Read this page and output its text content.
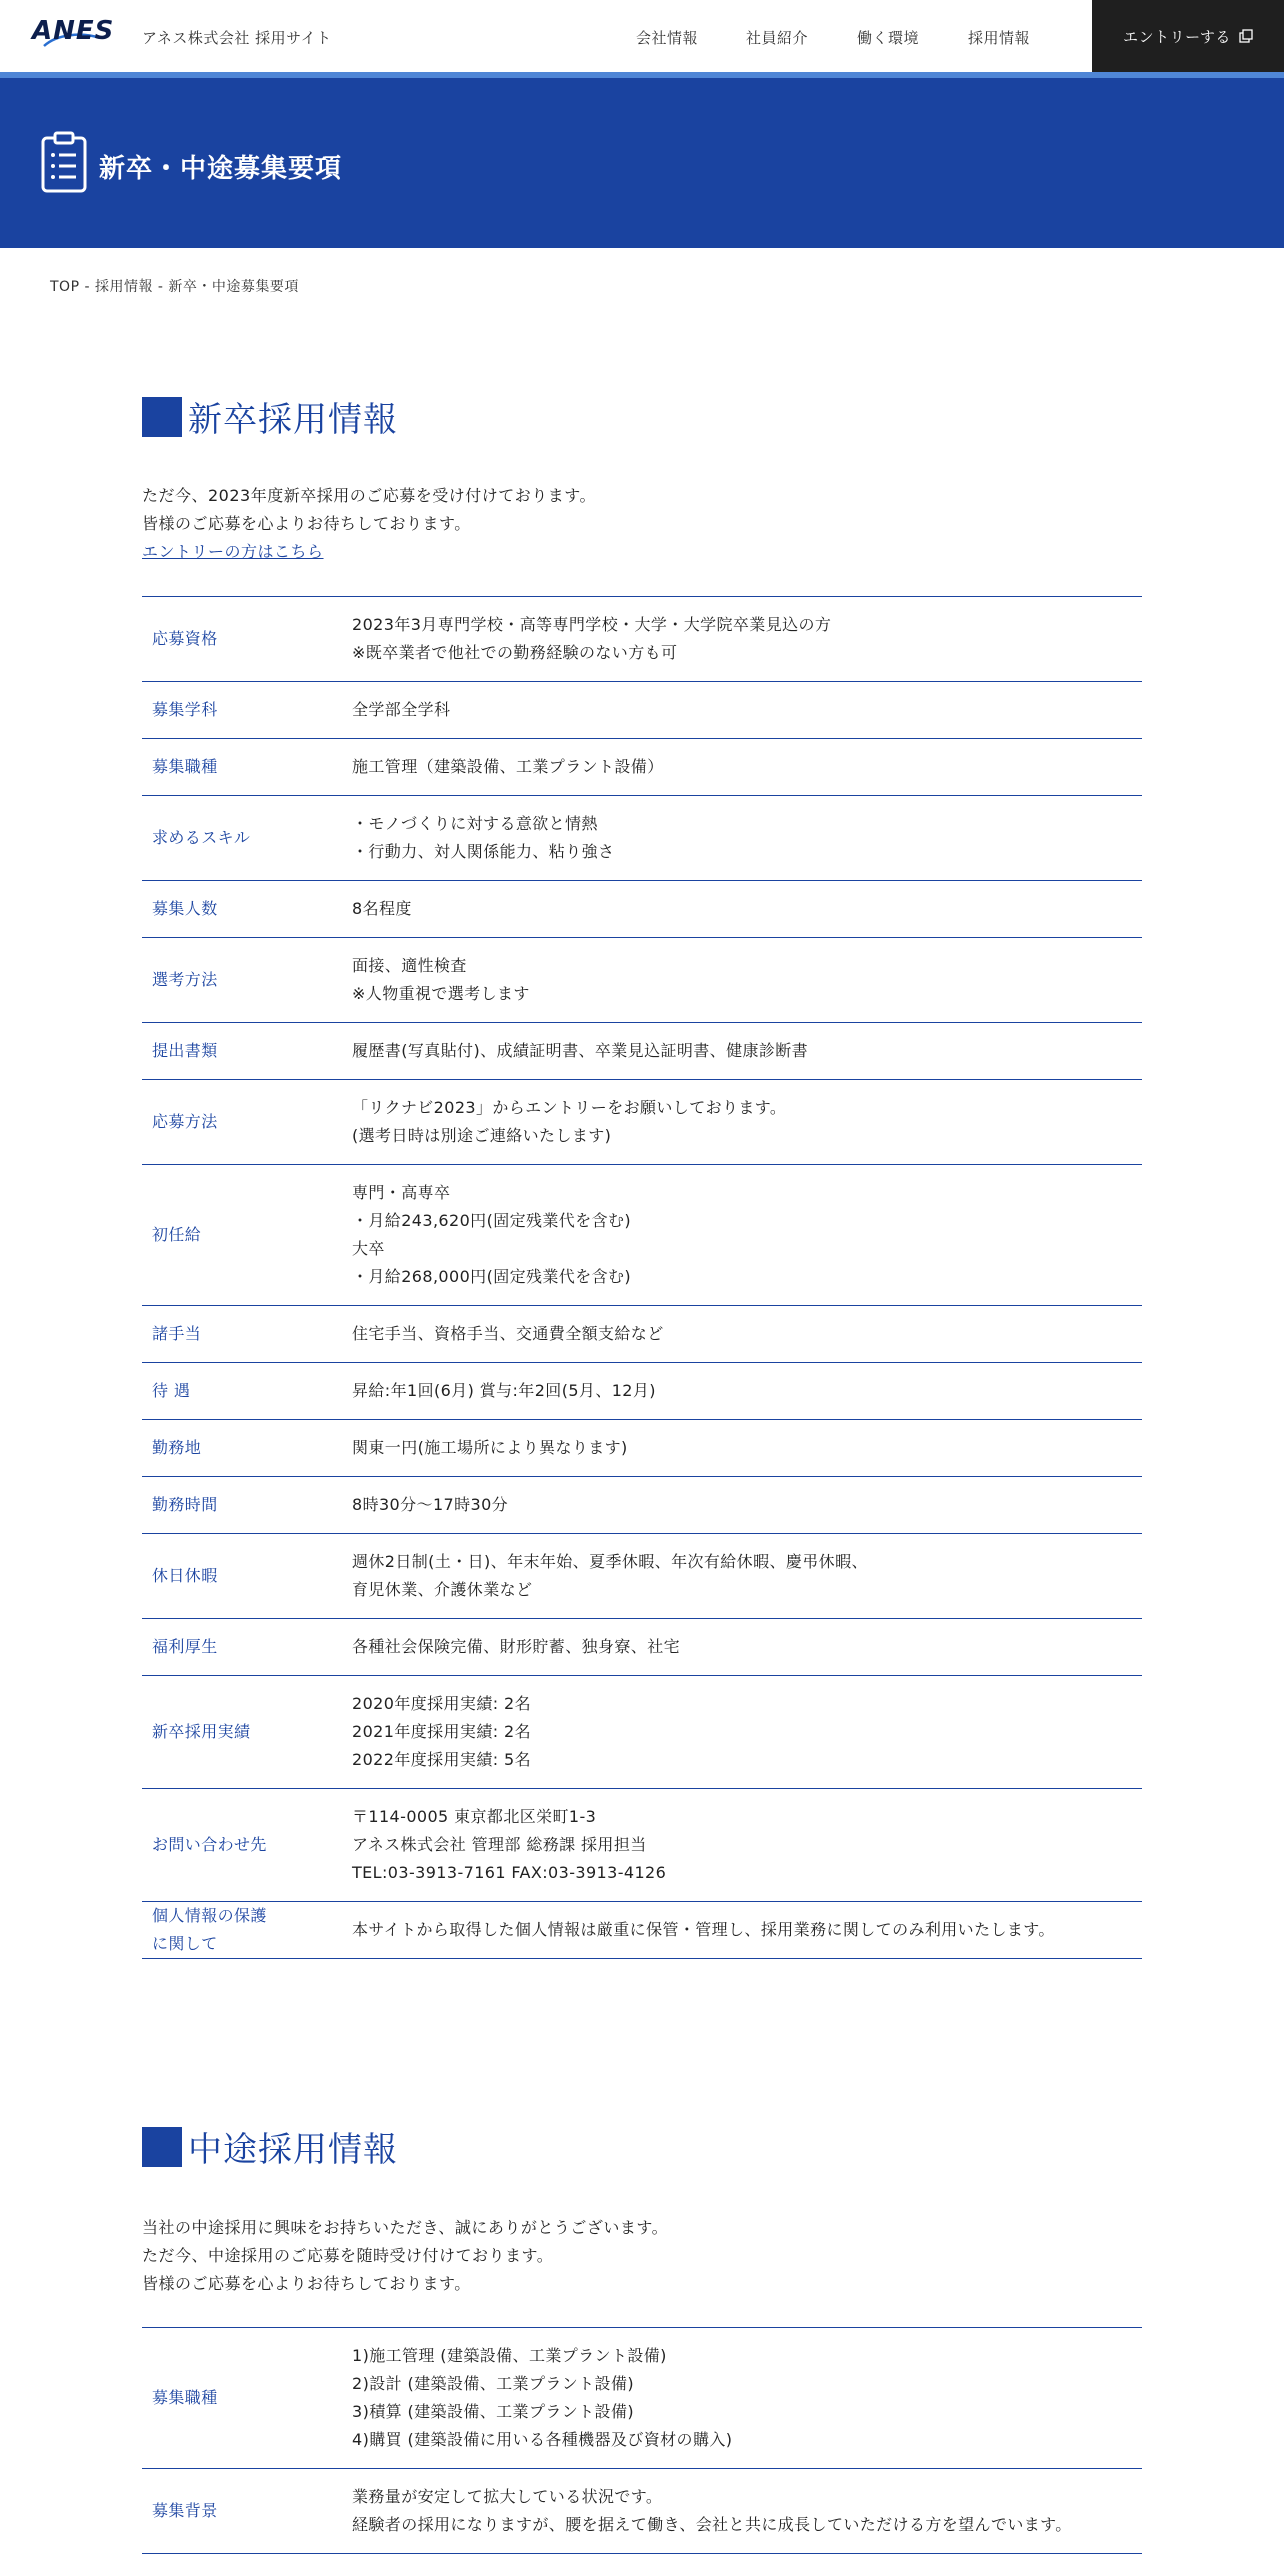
ANES アネス株式会社 採用サイト	会社情報	社員紹介	働く環境	採用情報	エントリーする
新卒・中途募集要項
TOP - 採用情報 - 新卒・中途募集要項
新卒採用情報
ただ今、2023年度新卒採用のご応募を受け付けております。
皆様のご応募を心よりお待ちしております。
エントリーの方はこちら
応募資格	2023年3月専門学校・高等専門学校・大学・大学院卒業見込の方
※既卒業者で他社での勤務経験のない方も可

募集学科	全学部全学科

募集職種	施工管理（建築設備、工業プラント設備）

求めるスキル	・モノづくりに対する意欲と情熱
・行動力、対人関係能力、粘り強さ

募集人数	8名程度

選考方法	面接、適性検査
※人物重視で選考します

提出書類	履歴書(写真貼付)、成績証明書、卒業見込証明書、健康診断書

応募方法	「リクナビ2023」からエントリーをお願いしております。
(選考日時は別途ご連絡いたします)

初任給	専門・高専卒
・月給243,620円(固定残業代を含む)
大卒
・月給268,000円(固定残業代を含む)

諸手当	住宅手当、資格手当、交通費全額支給など

待 遇	昇給:年1回(6月) 賞与:年2回(5月、12月)

勤務地	関東一円(施工場所により異なります)

勤務時間	8時30分〜17時30分

休日休暇	週休2日制(土・日)、年末年始、夏季休暇、年次有給休暇、慶弔休暇、
育児休業、介護休業など

福利厚生	各種社会保険完備、財形貯蓄、独身寮、社宅

新卒採用実績	2020年度採用実績: 2名
2021年度採用実績: 2名
2022年度採用実績: 5名

お問い合わせ先	〒114-0005 東京都北区栄町1-3
アネス株式会社 管理部 総務課 採用担当
TEL:03-3913-7161 FAX:03-3913-4126

個人情報の保護
に関して	本サイトから取得した個人情報は厳重に保管・管理し、採用業務に関してのみ利用いたします。
中途採用情報
当社の中途採用に興味をお持ちいただき、誠にありがとうございます。
ただ今、中途採用のご応募を随時受け付けております。
皆様のご応募を心よりお待ちしております。
募集職種	1)施工管理 (建築設備、工業プラント設備)
2)設計 (建築設備、工業プラント設備)
3)積算 (建築設備、工業プラント設備)
4)購買 (建築設備に用いる各種機器及び資材の購入)

募集背景	業務量が安定して拡大している状況です。
経験者の採用になりますが、腰を据えて働き、会社と共に成長していただける方を望んでいます。
